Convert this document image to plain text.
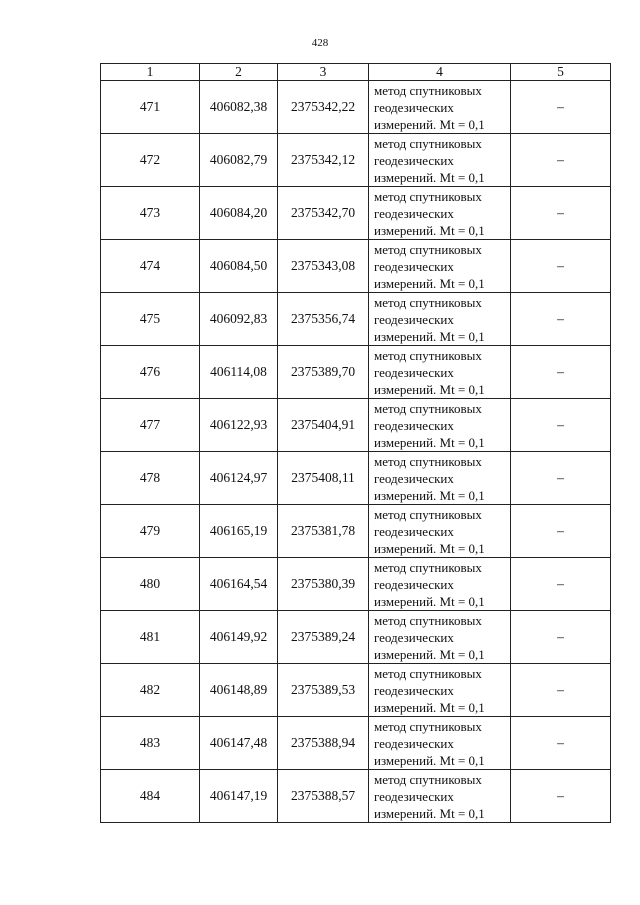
428
1	2	3	4	5
471	406082,38	2375342,22	метод спутниковых
геодезических
измерений. Mt = 0,1	–
472	406082,79	2375342,12	метод спутниковых
геодезических
измерений. Mt = 0,1	–
473	406084,20	2375342,70	метод спутниковых
геодезических
измерений. Mt = 0,1	–
474	406084,50	2375343,08	метод спутниковых
геодезических
измерений. Mt = 0,1	–
475	406092,83	2375356,74	метод спутниковых
геодезических
измерений. Mt = 0,1	–
476	406114,08	2375389,70	метод спутниковых
геодезических
измерений. Mt = 0,1	–
477	406122,93	2375404,91	метод спутниковых
геодезических
измерений. Mt = 0,1	–
478	406124,97	2375408,11	метод спутниковых
геодезических
измерений. Mt = 0,1	–
479	406165,19	2375381,78	метод спутниковых
геодезических
измерений. Mt = 0,1	–
480	406164,54	2375380,39	метод спутниковых
геодезических
измерений. Mt = 0,1	–
481	406149,92	2375389,24	метод спутниковых
геодезических
измерений. Mt = 0,1	–
482	406148,89	2375389,53	метод спутниковых
геодезических
измерений. Mt = 0,1	–
483	406147,48	2375388,94	метод спутниковых
геодезических
измерений. Mt = 0,1	–
484	406147,19	2375388,57	метод спутниковых
геодезических
измерений. Mt = 0,1	–
